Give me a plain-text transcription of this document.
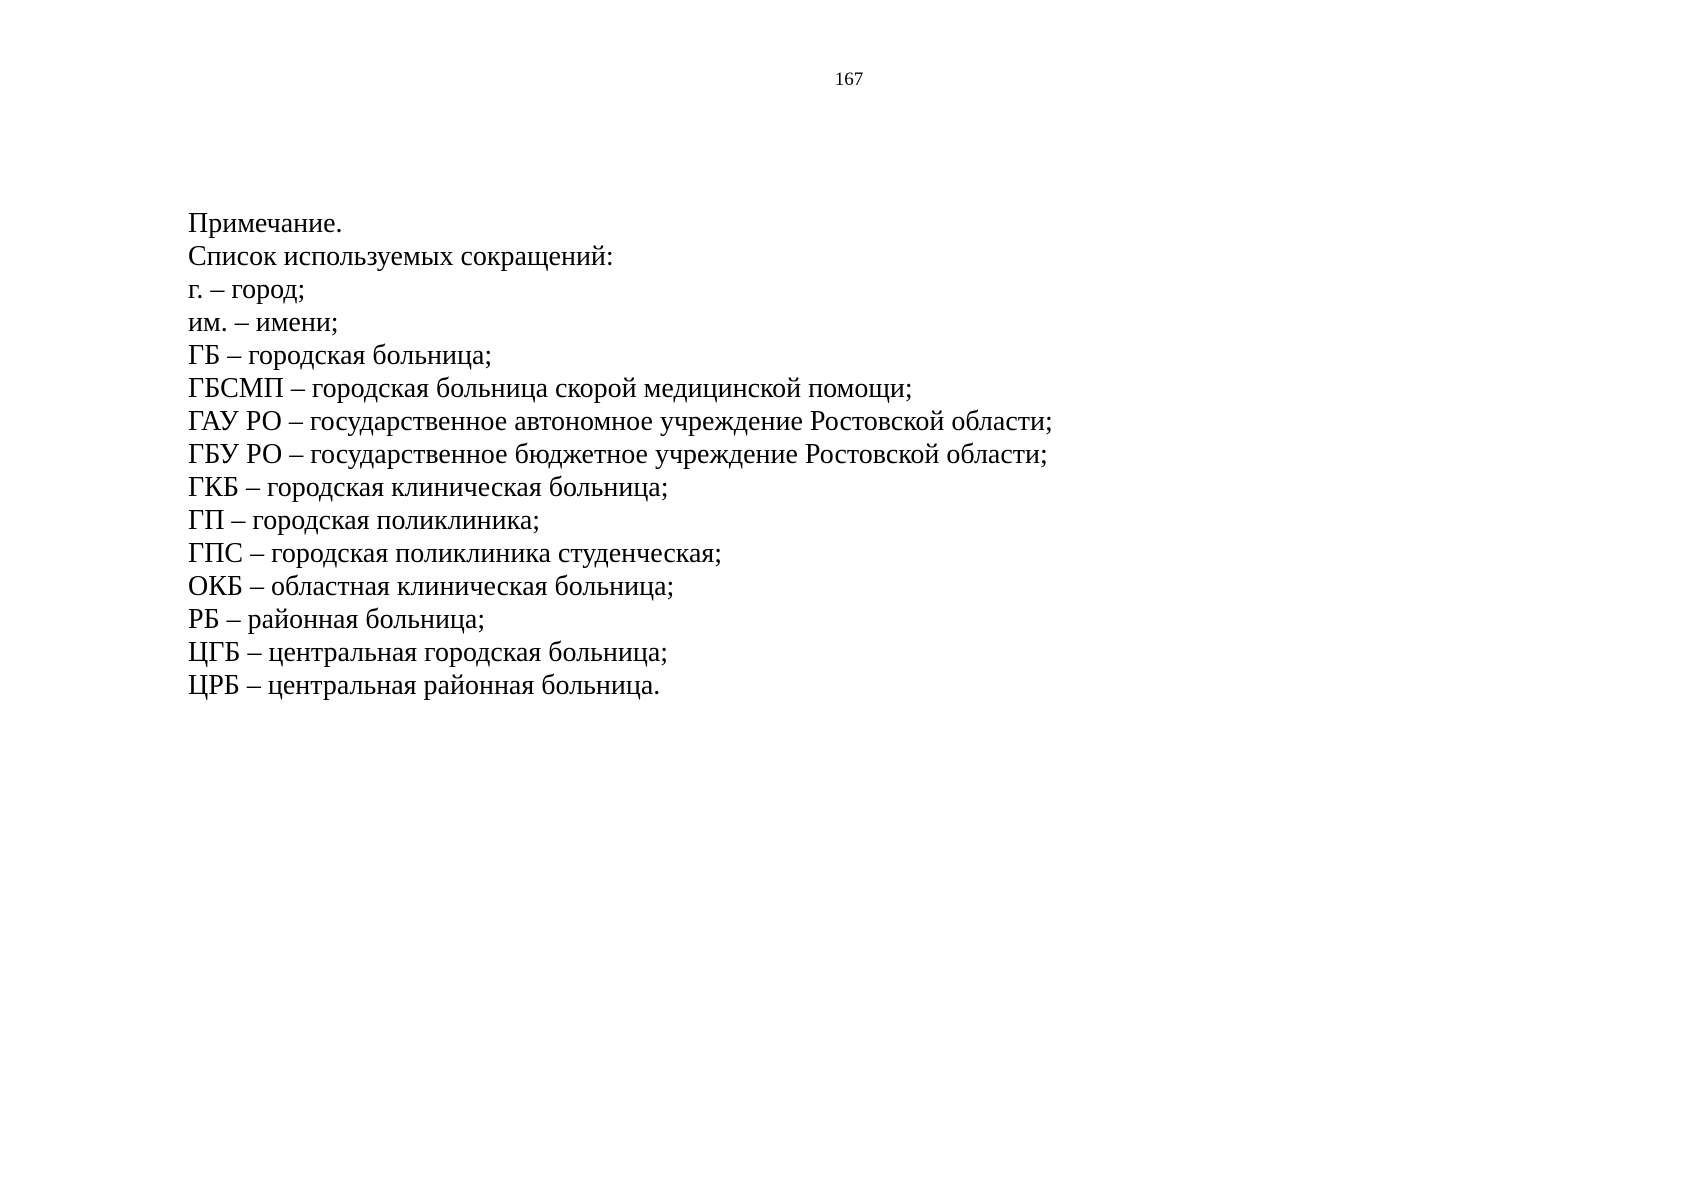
167

Примечание.

Список используемых сокращений:

г. – город;

им. – имени;

ГБ – городская больница;

ГБСМП – городская больница скорой медицинской помощи;

ГАУ РО – государственное автономное учреждение Ростовской области;

ГБУ РО – государственное бюджетное учреждение Ростовской области;

ГКБ – городская клиническая больница;

ГП – городская поликлиника;

ГПС – городская поликлиника студенческая;

ОКБ – областная клиническая больница;

РБ – районная больница;

ЦГБ – центральная городская больница;

ЦРБ – центральная районная больница.
